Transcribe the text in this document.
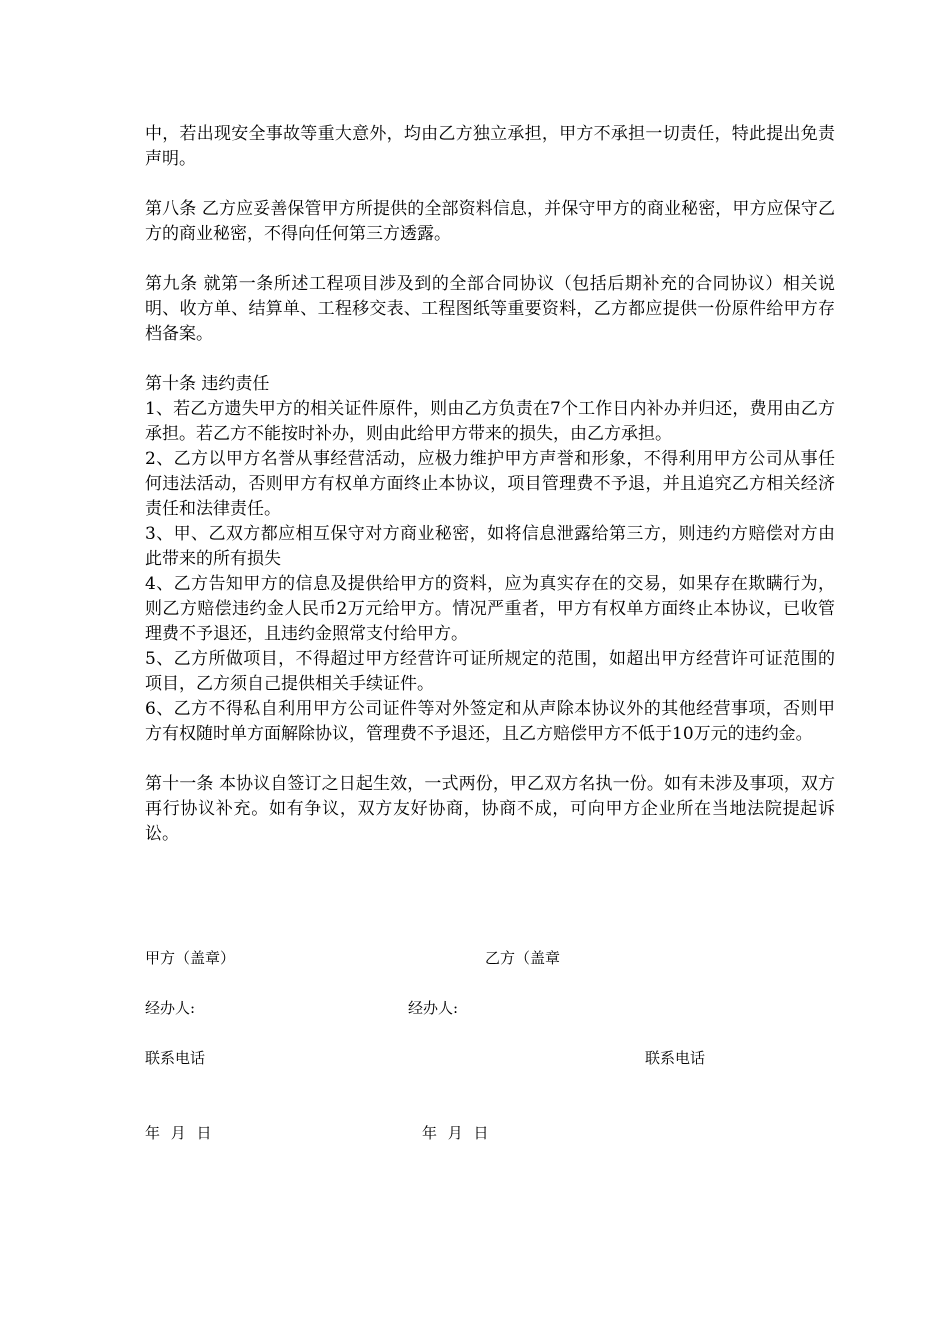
中，若出现安全事故等重大意外，均由乙方独立承担，甲方不承担一切责任，特此提出免责声明。

第八条 乙方应妥善保管甲方所提供的全部资料信息，并保守甲方的商业秘密，甲方应保守乙方的商业秘密，不得向任何第三方透露。

第九条 就第一条所述工程项目涉及到的全部合同协议（包括后期补充的合同协议）相关说明、收方单、结算单、工程移交表、工程图纸等重要资料，乙方都应提供一份原件给甲方存档备案。

第十条 违约责任

1、若乙方遗失甲方的相关证件原件，则由乙方负责在7个工作日内补办并归还，费用由乙方承担。若乙方不能按时补办，则由此给甲方带来的损失，由乙方承担。

2、乙方以甲方名誉从事经营活动，应极力维护甲方声誉和形象，不得利用甲方公司从事任何违法活动，否则甲方有权单方面终止本协议，项目管理费不予退，并且追究乙方相关经济责任和法律责任。

3、甲、乙双方都应相互保守对方商业秘密，如将信息泄露给第三方，则违约方赔偿对方由此带来的所有损失

4、乙方告知甲方的信息及提供给甲方的资料，应为真实存在的交易，如果存在欺瞒行为，则乙方赔偿违约金人民币2万元给甲方。情况严重者，甲方有权单方面终止本协议，已收管理费不予退还，且违约金照常支付给甲方。

5、乙方所做项目，不得超过甲方经营许可证所规定的范围，如超出甲方经营许可证范围的项目，乙方须自己提供相关手续证件。

6、乙方不得私自利用甲方公司证件等对外签定和从声除本协议外的其他经营事项，否则甲方有权随时单方面解除协议，管理费不予退还，且乙方赔偿甲方不低于10万元的违约金。

第十一条 本协议自签订之日起生效，一式两份，甲乙双方名执一份。如有未涉及事项，双方再行协议补充。如有争议，双方友好协商，协商不成，可向甲方企业所在当地法院提起诉讼。

甲方（盖章）	乙方（盖章
经办人:	经办人:
联系电话	联系电话
年 月 日	年 月 日
